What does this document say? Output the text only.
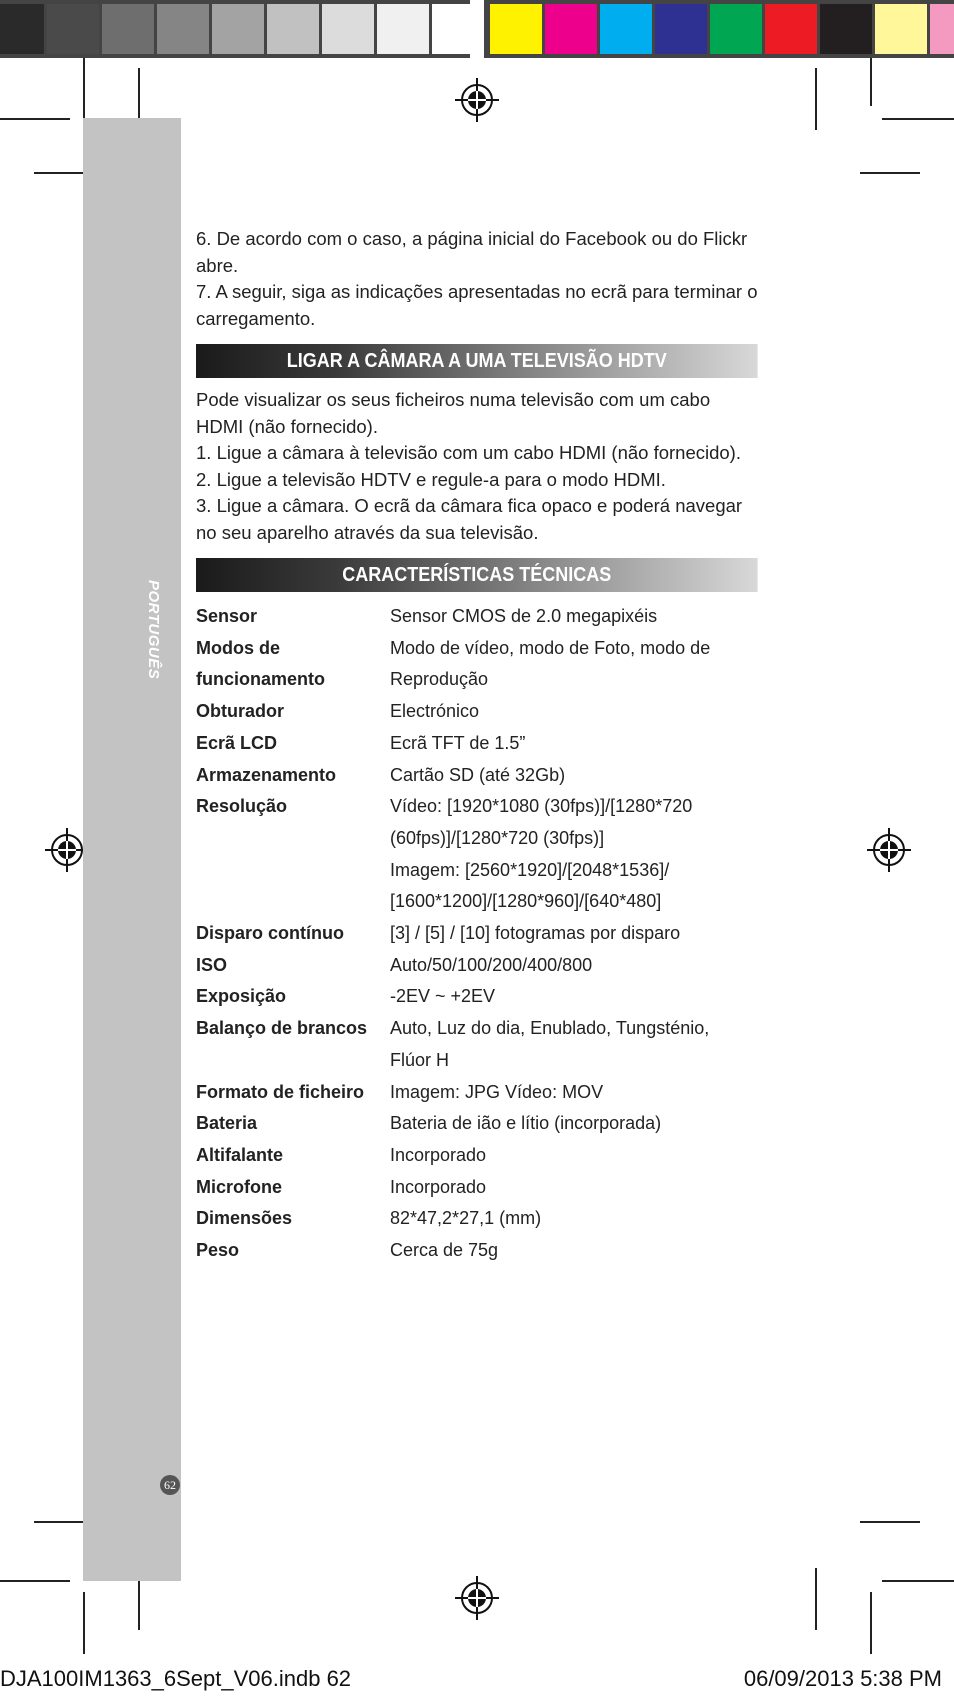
PORTUGUÊS
62

6. De acordo com o caso, a página inicial do Facebook ou do Flickr abre.

7. A seguir, siga as indicações apresentadas no ecrã para terminar o carregamento.

LIGAR A CÂMARA A UMA TELEVISÃO HDTV

Pode visualizar os seus ficheiros numa televisão com um cabo HDMI (não fornecido).

1. Ligue a câmara à televisão com um cabo HDMI (não fornecido).

2. Ligue a televisão HDTV e regule-a para o modo HDMI.

3. Ligue a câmara. O ecrã da câmara fica opaco e poderá navegar no seu aparelho através da sua televisão.

CARACTERÍSTICAS TÉCNICAS
Sensor	Sensor CMOS de 2.0 megapixéis

Modos de	Modo de vídeo, modo de Foto, modo de

funcionamento	Reprodução

Obturador	Electrónico

Ecrã LCD	Ecrã TFT de 1.5”

Armazenamento	Cartão SD (até 32Gb)

Resolução	Vídeo: [1920*1080 (30fps)]/[1280*720
(60fps)]/[1280*720 (30fps)]
Imagem: [2560*1920]/[2048*1536]/
[1600*1200]/[1280*960]/[640*480]

Disparo contínuo	[3] / [5] / [10] fotogramas por disparo

ISO	Auto/50/100/200/400/800

Exposição	-2EV ~ +2EV

Balanço de brancos	Auto, Luz do dia, Enublado, Tungsténio,
Flúor H

Formato de ficheiro	Imagem: JPG Vídeo: MOV

Bateria	Bateria de ião e lítio (incorporada)

Altifalante	Incorporado

Microfone	Incorporado

Dimensões	82*47,2*27,1 (mm)

Peso	Cerca de 75g
DJA100IM1363_6Sept_V06.indb 62	06/09/2013 5:38 PM
